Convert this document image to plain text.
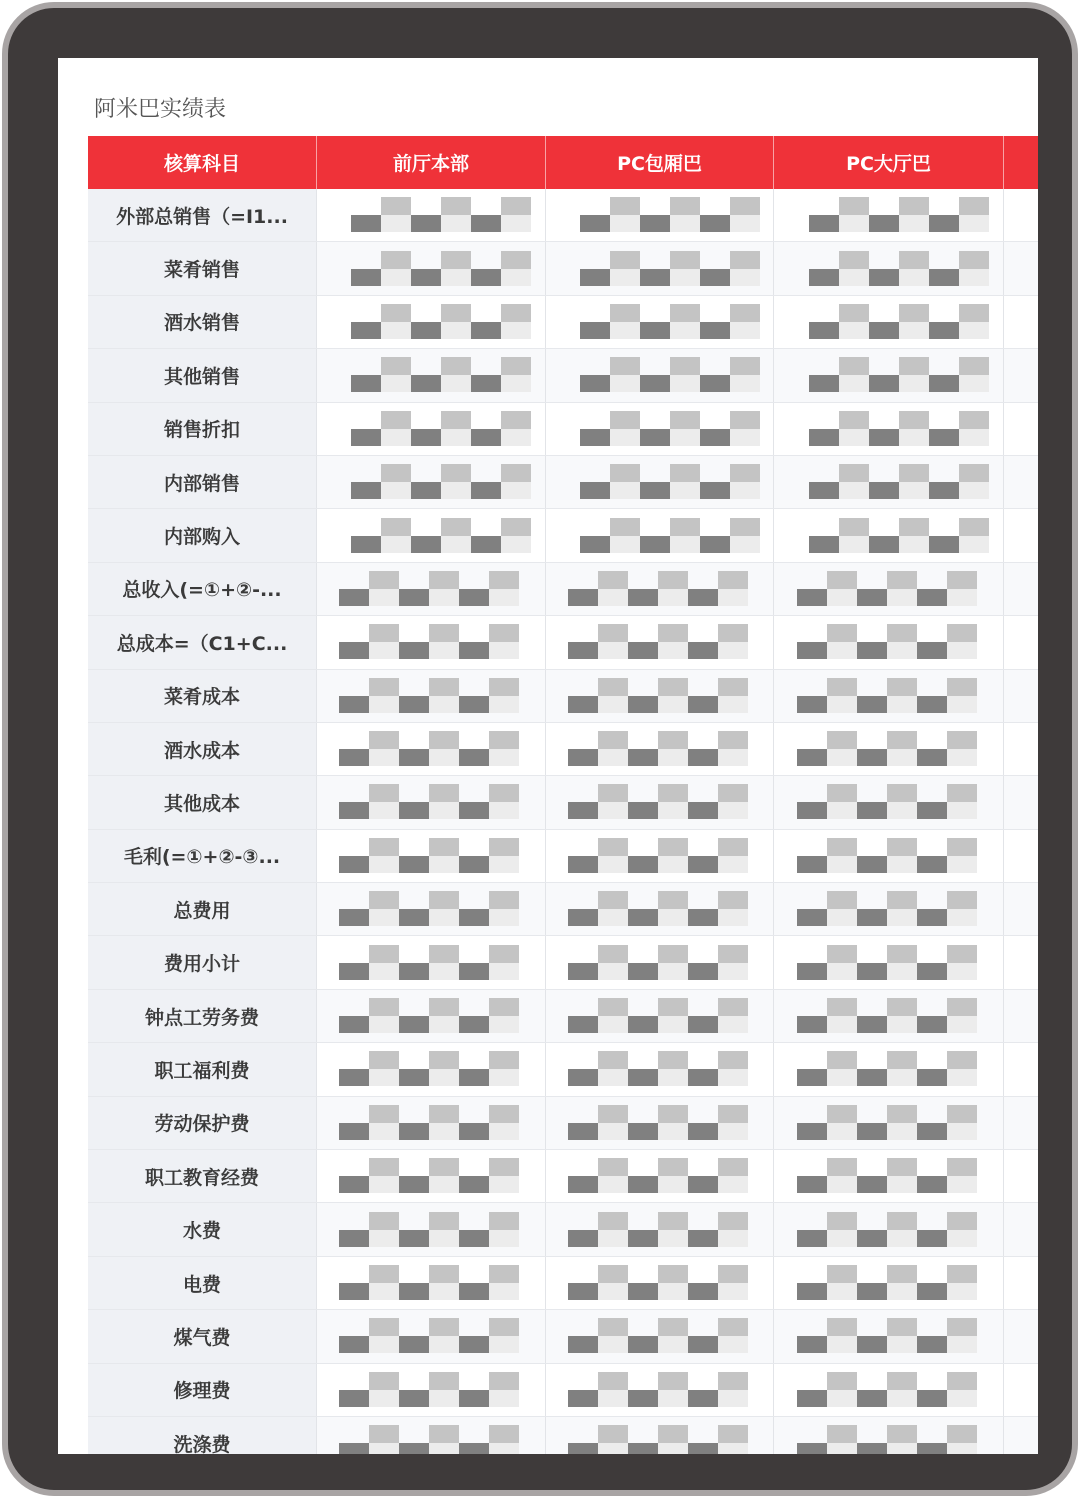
阿米巴实绩表
核算科目	前厅本部	PC包厢巴	PC大厅巴
外部总销售（=I1...
菜肴销售
酒水销售
其他销售
销售折扣
内部销售
内部购入
总收入(=①+②-...
总成本=（C1+C...
菜肴成本
酒水成本
其他成本
毛利(=①+②-③...
总费用
费用小计
钟点工劳务费
职工福利费
劳动保护费
职工教育经费
水费
电费
煤气费
修理费
洗涤费
